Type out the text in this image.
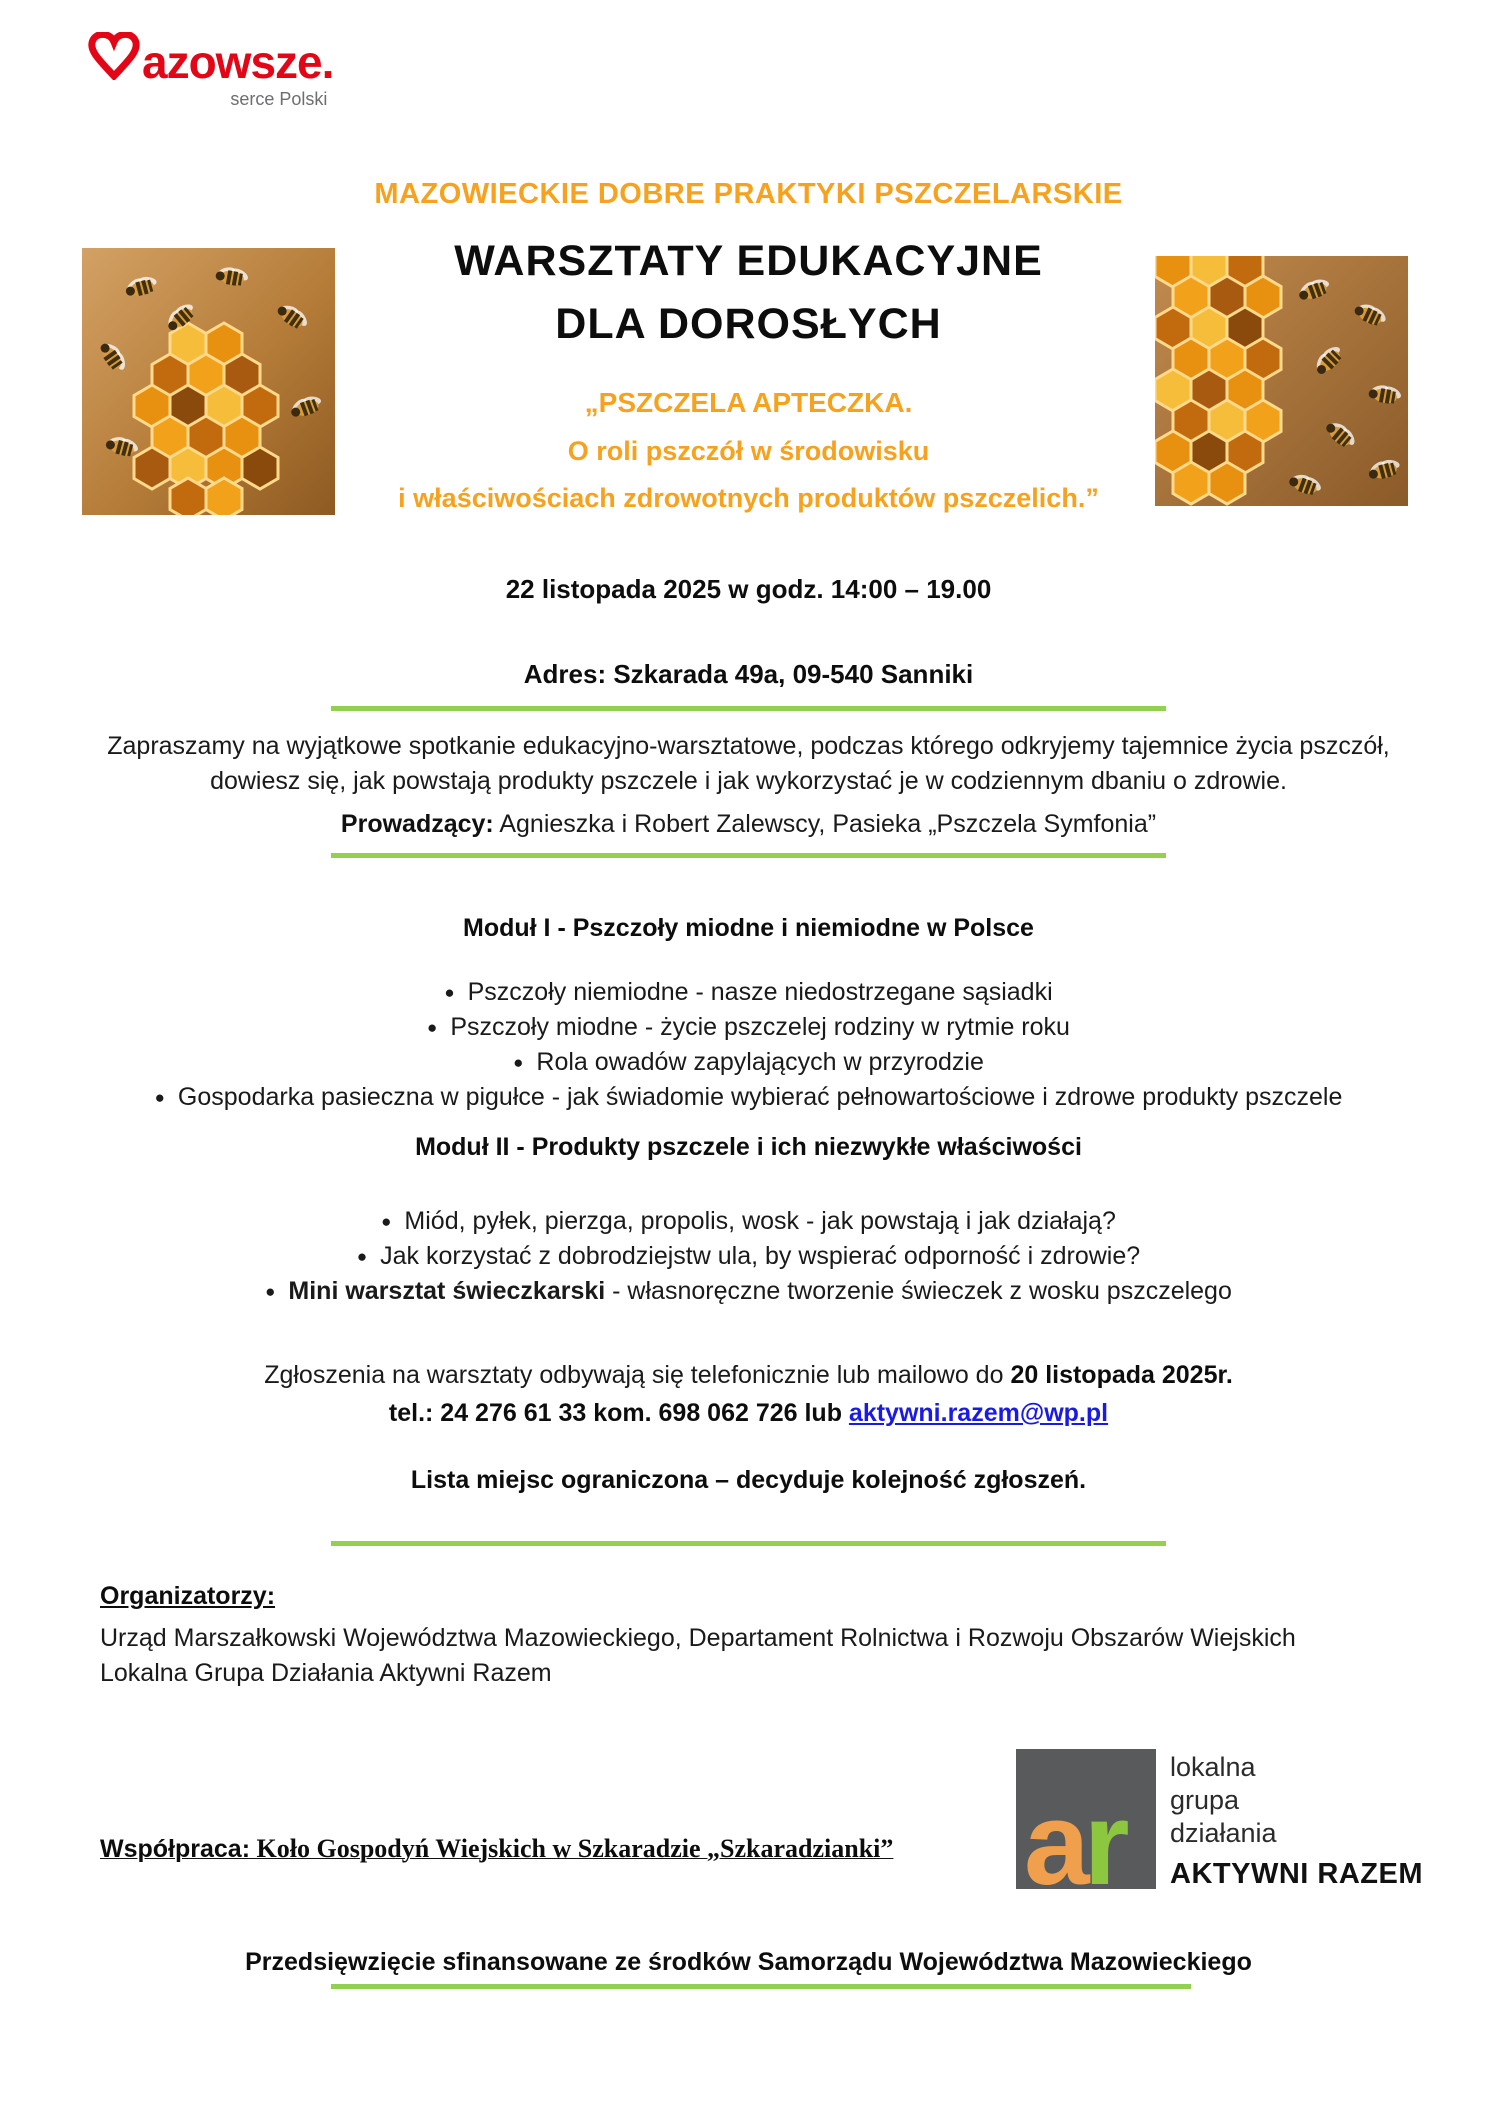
azowsze.
serce Polski
MAZOWIECKIE DOBRE PRAKTYKI PSZCZELARSKIE
WARSZTATY EDUKACYJNE
DLA DOROSŁYCH
„PSZCZELA APTECZKA.
O roli pszczół w środowisku
i właściwościach zdrowotnych produktów pszczelich.”
22 listopada 2025 w godz. 14:00 – 19.00
Adres: Szkarada 49a, 09-540 Sanniki
Zapraszamy na wyjątkowe spotkanie edukacyjno-warsztatowe, podczas którego odkryjemy tajemnice życia pszczół, dowiesz się, jak powstają produkty pszczele i jak wykorzystać je w codziennym dbaniu o zdrowie.
Prowadzący: Agnieszka i Robert Zalewscy, Pasieka „Pszczela Symfonia”
Moduł I - Pszczoły miodne i niemiodne w Polsce
● Pszczoły niemiodne - nasze niedostrzegane sąsiadki
● Pszczoły miodne - życie pszczelej rodziny w rytmie roku
● Rola owadów zapylających w przyrodzie
● Gospodarka pasieczna w pigułce - jak świadomie wybierać pełnowartościowe i zdrowe produkty pszczele
Moduł II - Produkty pszczele i ich niezwykłe właściwości
● Miód, pyłek, pierzga, propolis, wosk - jak powstają i jak działają?
● Jak korzystać z dobrodziejstw ula, by wspierać odporność i zdrowie?
● Mini warsztat świeczkarski - własnoręczne tworzenie świeczek z wosku pszczelego
Zgłoszenia na warsztaty odbywają się telefonicznie lub mailowo do 20 listopada 2025r.
tel.: 24 276 61 33 kom. 698 062 726 lub aktywni.razem@wp.pl
Lista miejsc ograniczona – decyduje kolejność zgłoszeń.
Organizatorzy:
Urząd Marszałkowski Województwa Mazowieckiego, Departament Rolnictwa i Rozwoju Obszarów Wiejskich
Lokalna Grupa Działania Aktywni Razem
Współpraca: Koło Gospodyń Wiejskich w Szkaradzie „Szkaradzianki” ar
lokalna
grupa
działania
AKTYWNI RAZEM
Przedsięwzięcie sfinansowane ze środków Samorządu Województwa Mazowieckiego
